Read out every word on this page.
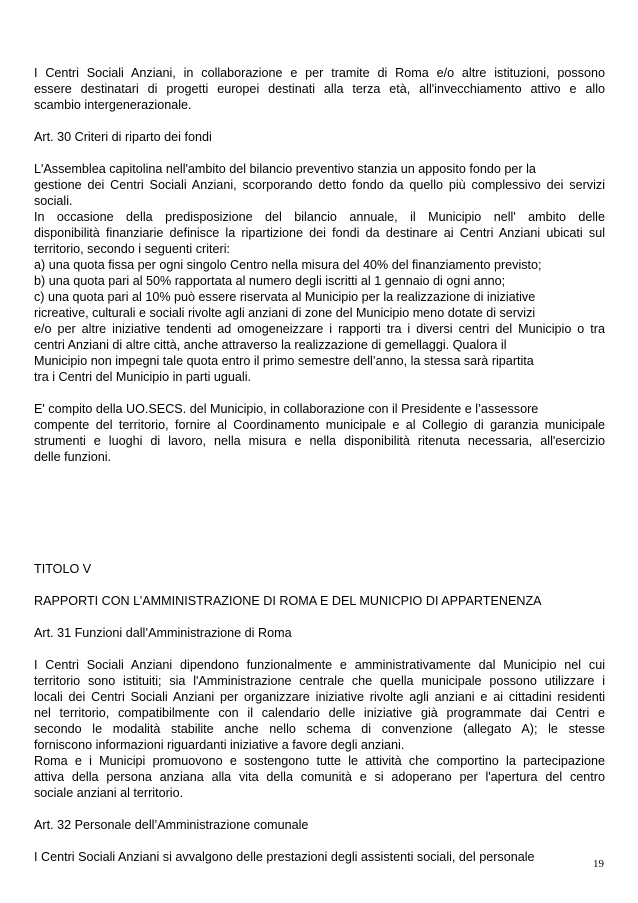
I Centri Sociali Anziani, in collaborazione e per tramite di Roma e/o altre istituzioni, possono
essere destinatari di progetti europei destinati alla terza età, all'invecchiamento attivo e allo
scambio intergenerazionale.
Art. 30 Criteri di riparto dei fondi
L'Assemblea capitolina nell'ambito del bilancio preventivo stanzia un apposito fondo per la
gestione dei Centri Sociali Anziani, scorporando detto fondo da quello più complessivo dei servizi
sociali.
In occasione della predisposizione del bilancio annuale, il Municipio nell' ambito delle
disponibilità finanziarie definisce la ripartizione dei fondi da destinare ai Centri Anziani ubicati sul
territorio, secondo i seguenti criteri:
a) una quota fissa per ogni singolo Centro nella misura del 40% del finanziamento previsto;
b) una quota pari al 50% rapportata al numero degli iscritti al 1 gennaio di ogni anno;
c) una quota pari al 10% può essere riservata al Municipio per la realizzazione di iniziative
ricreative, culturali e sociali rivolte agli anziani di zone del Municipio meno dotate di servizi
e/o per altre iniziative tendenti ad omogeneizzare i rapporti tra i diversi centri del Municipio o tra
centri Anziani di altre città, anche attraverso la realizzazione di gemellaggi. Qualora il
Municipio non impegni tale quota entro il primo semestre dell’anno, la stessa sarà ripartita
tra i Centri del Municipio in parti uguali.
E' compito della UO.SECS. del Municipio, in collaborazione con il Presidente e l’assessore
compente del territorio, fornire al Coordinamento municipale e al Collegio di garanzia municipale
strumenti e luoghi di lavoro, nella misura e nella disponibilità ritenuta necessaria, all'esercizio
delle funzioni.
TITOLO V
RAPPORTI CON L’AMMINISTRAZIONE DI ROMA E DEL MUNICPIO DI APPARTENENZA
Art. 31 Funzioni dall’Amministrazione di Roma
I Centri Sociali Anziani dipendono funzionalmente e amministrativamente dal Municipio nel cui
territorio sono istituiti; sia l'Amministrazione centrale che quella municipale possono utilizzare i
locali dei Centri Sociali Anziani per organizzare iniziative rivolte agli anziani e ai cittadini residenti
nel territorio, compatibilmente con il calendario delle iniziative già programmate dai Centri e
secondo le modalità stabilite anche nello schema di convenzione (allegato A); le stesse
forniscono informazioni riguardanti iniziative a favore degli anziani.
Roma e i Municipi promuovono e sostengono tutte le attività che comportino la partecipazione
attiva della persona anziana alla vita della comunità e si adoperano per l'apertura del centro
sociale anziani al territorio.
Art. 32 Personale dell’Amministrazione comunale
I Centri Sociali Anziani si avvalgono delle prestazioni degli assistenti sociali, del personale	19
